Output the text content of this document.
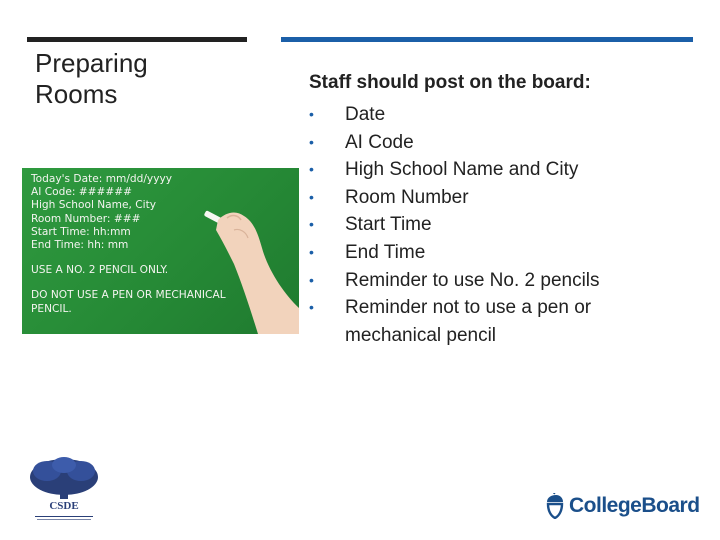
Preparing
Rooms
Today's Date: mm/dd/yyyy
AI Code: ######
High School Name, City
Room Number: ###
Start Time: hh:mm
End Time: hh: mm
USE A NO. 2 PENCIL ONLY.
DO NOT USE A PEN OR MECHANICAL
PENCIL.
Staff should post on the board:
• Date
• AI Code
• High School Name and City
• Room Number
• Start Time
• End Time
• Reminder to use No. 2 pencils
• Reminder not to use a pen or mechanical pencil
CSDE	CollegeBoard
